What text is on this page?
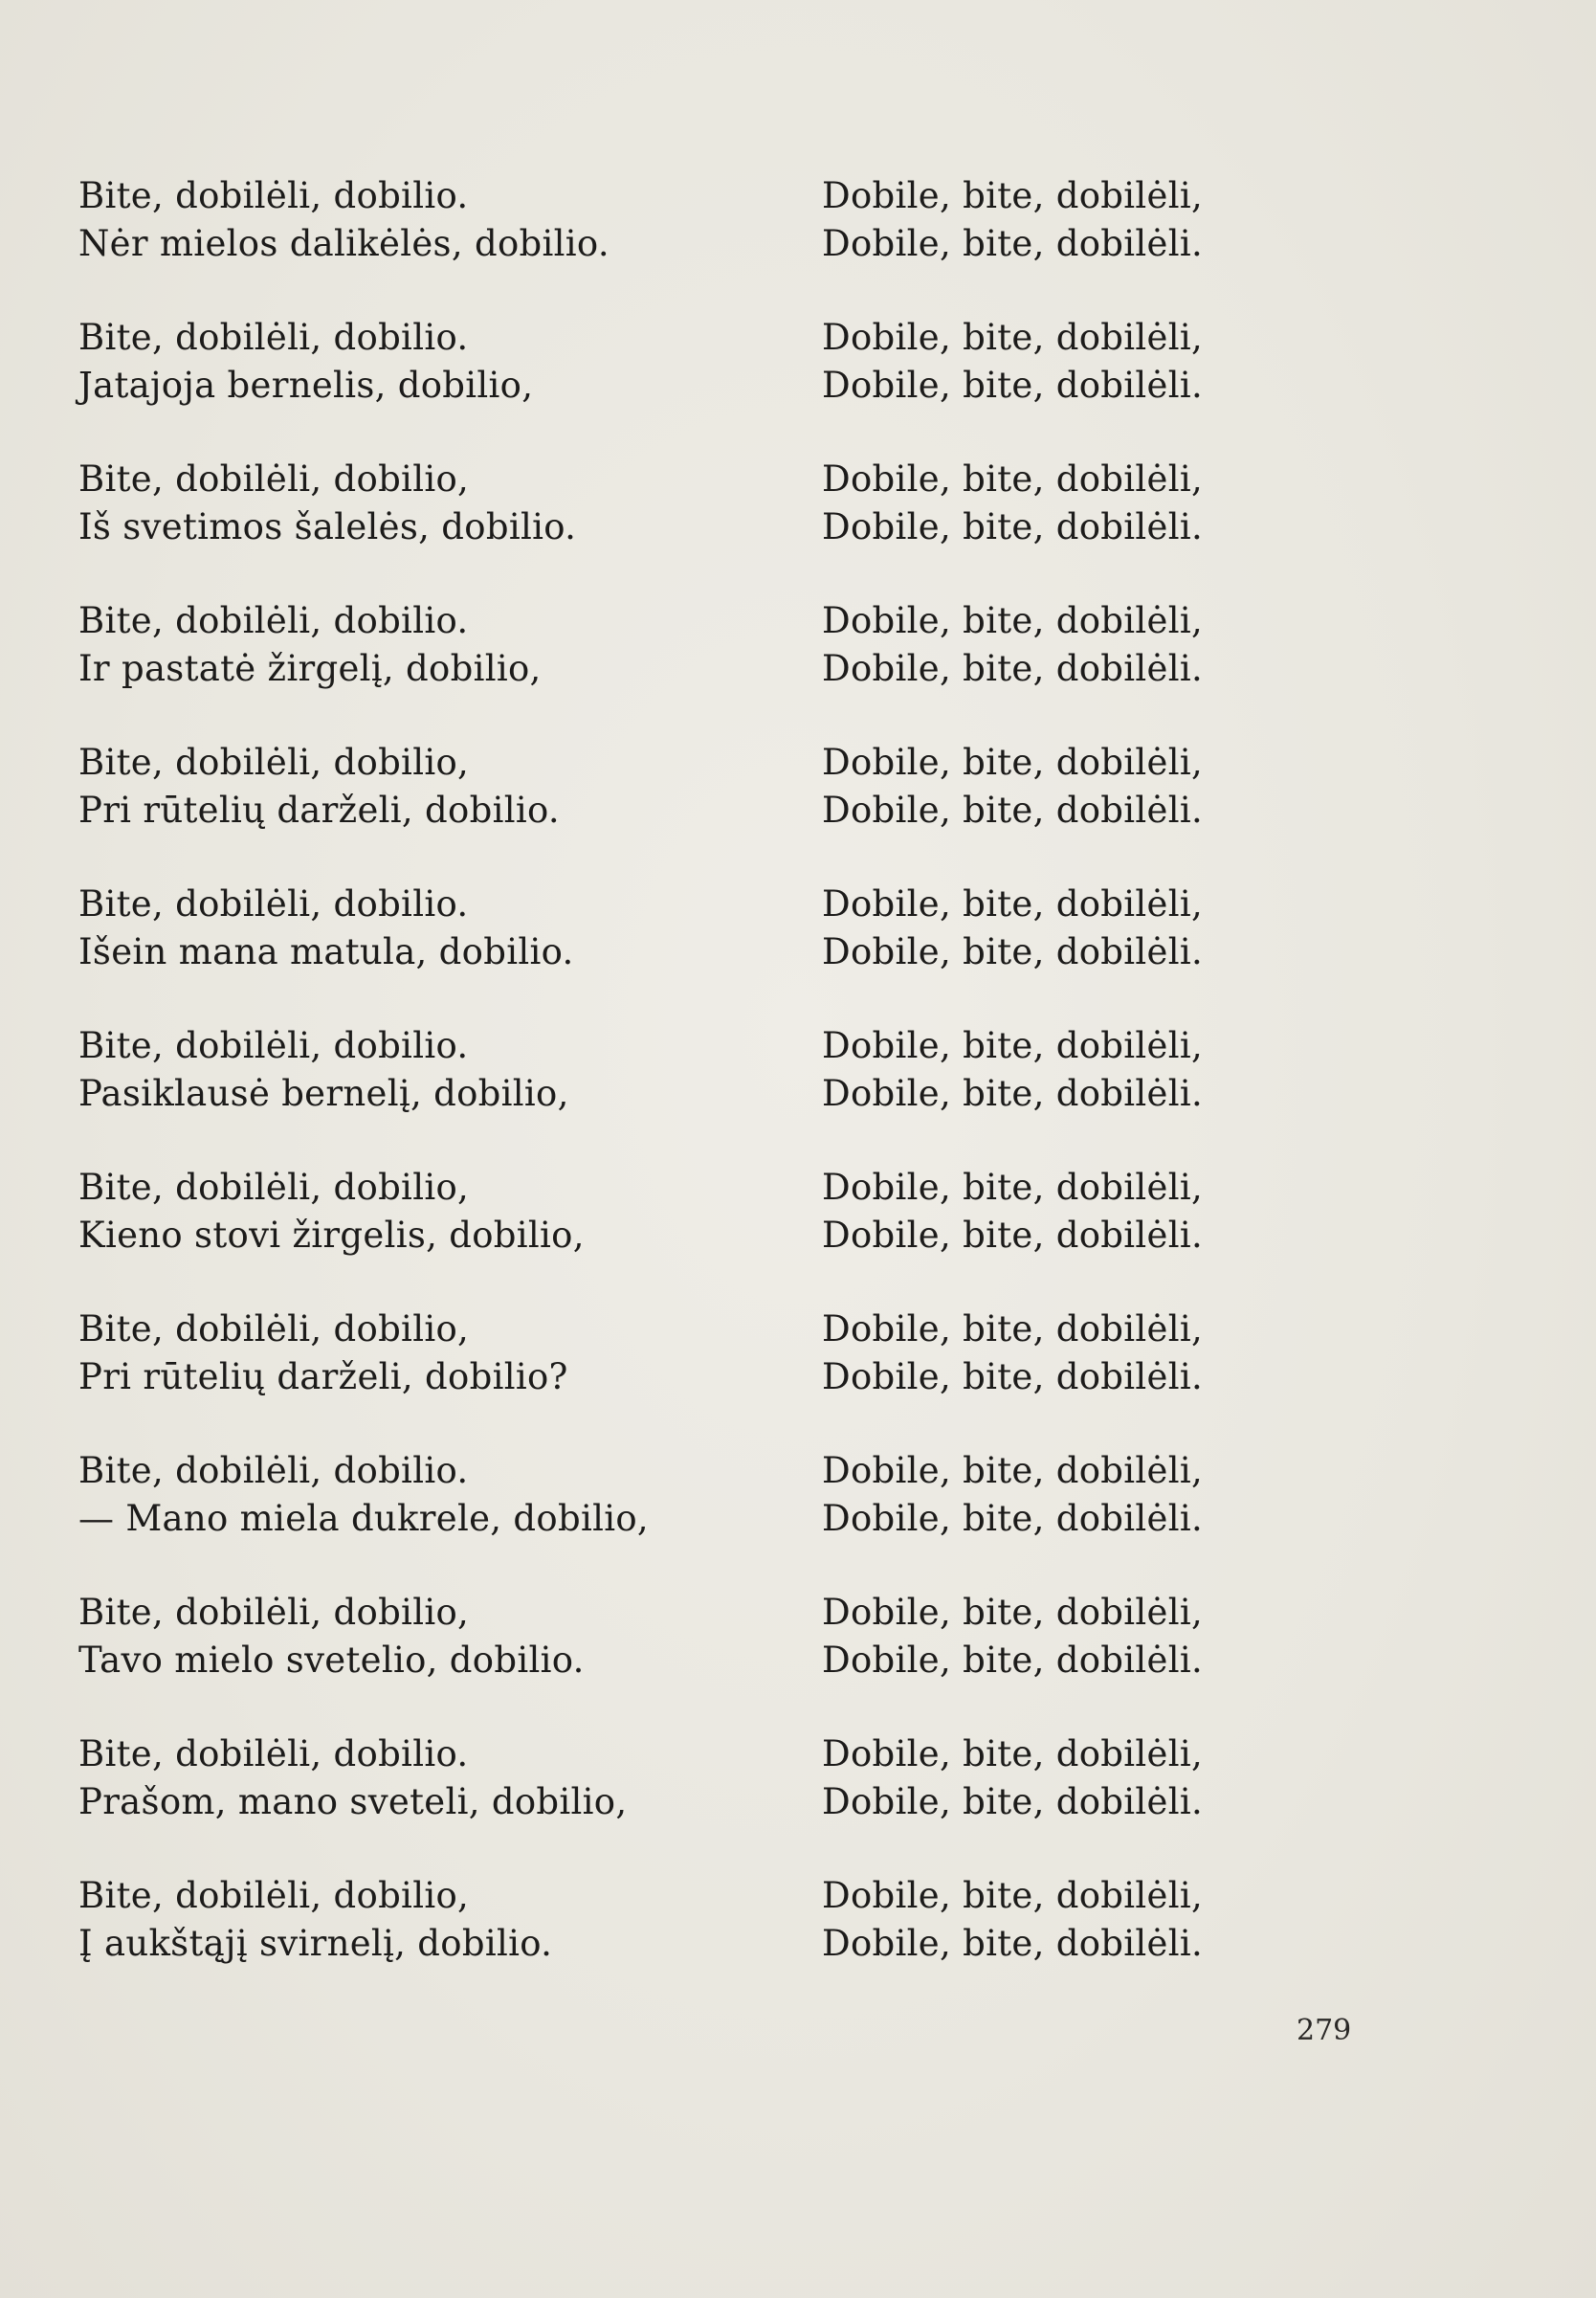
Bite, dobilėli, dobilio.
Nėr mielos dalikėlės, dobilio.
Dobile, bite, dobilėli,
Dobile, bite, dobilėli.
Bite, dobilėli, dobilio.
Jatajoja bernelis, dobilio,
Dobile, bite, dobilėli,
Dobile, bite, dobilėli.
Bite, dobilėli, dobilio,
Iš svetimos šalelės, dobilio.
Dobile, bite, dobilėli,
Dobile, bite, dobilėli.
Bite, dobilėli, dobilio.
Ir pastatė žirgelį, dobilio,
Dobile, bite, dobilėli,
Dobile, bite, dobilėli.
Bite, dobilėli, dobilio,
Pri rūtelių darželi, dobilio.
Dobile, bite, dobilėli,
Dobile, bite, dobilėli.
Bite, dobilėli, dobilio.
Išein mana matula, dobilio.
Dobile, bite, dobilėli,
Dobile, bite, dobilėli.
Bite, dobilėli, dobilio.
Pasiklausė bernelį, dobilio,
Dobile, bite, dobilėli,
Dobile, bite, dobilėli.
Bite, dobilėli, dobilio,
Kieno stovi žirgelis, dobilio,
Dobile, bite, dobilėli,
Dobile, bite, dobilėli.
Bite, dobilėli, dobilio,
Pri rūtelių darželi, dobilio?
Dobile, bite, dobilėli,
Dobile, bite, dobilėli.
Bite, dobilėli, dobilio.
— Mano miela dukrele, dobilio,
Dobile, bite, dobilėli,
Dobile, bite, dobilėli.
Bite, dobilėli, dobilio,
Tavo mielo svetelio, dobilio.
Dobile, bite, dobilėli,
Dobile, bite, dobilėli.
Bite, dobilėli, dobilio.
Prašom, mano sveteli, dobilio,
Dobile, bite, dobilėli,
Dobile, bite, dobilėli.
Bite, dobilėli, dobilio,
Į aukštąjį svirnelį, dobilio.
Dobile, bite, dobilėli,
Dobile, bite, dobilėli.
279
